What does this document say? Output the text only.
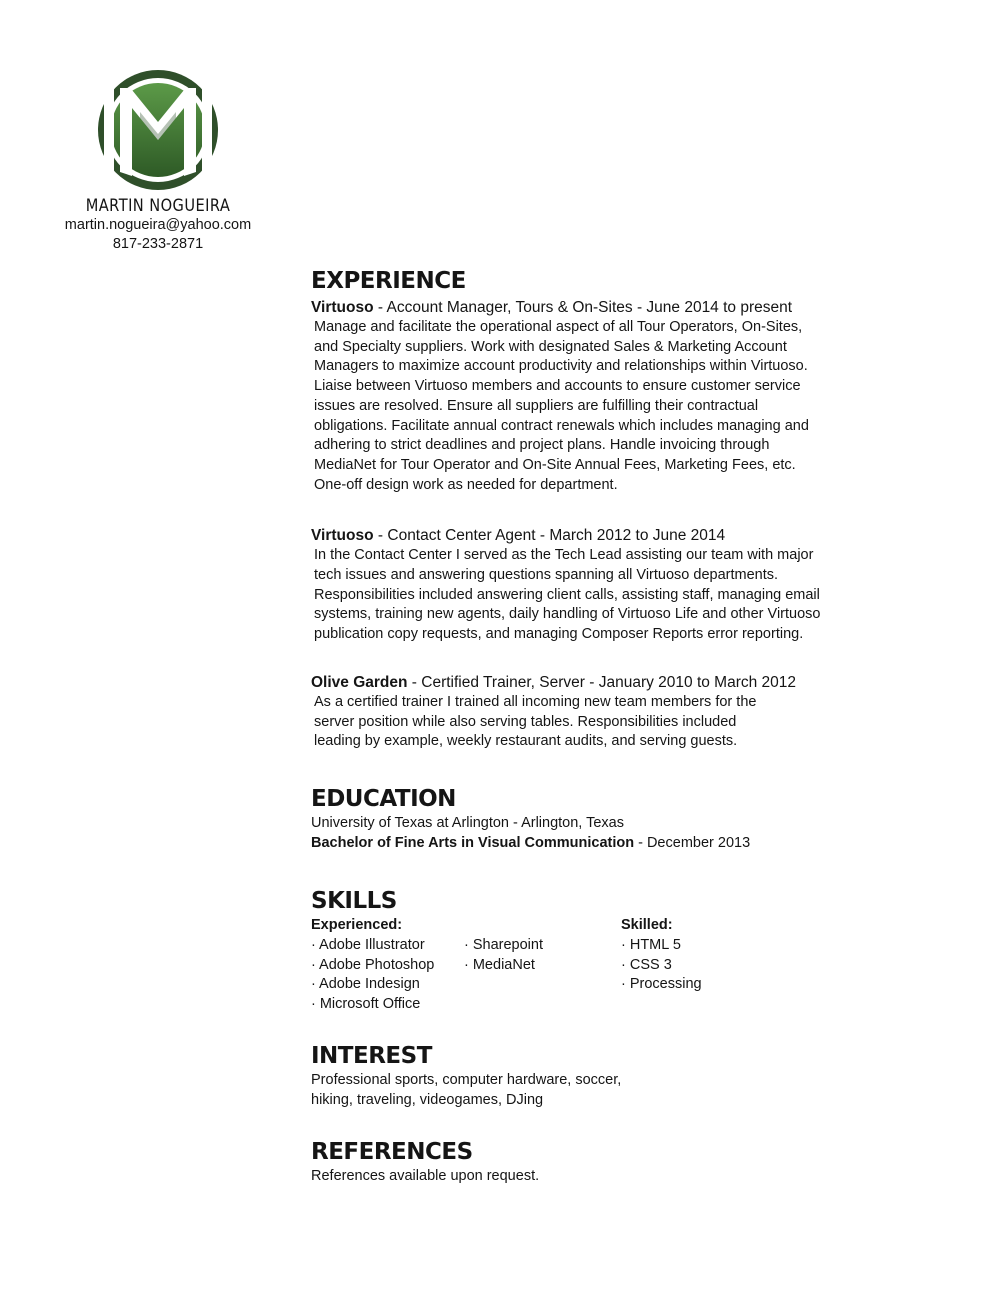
MARTIN NOGUEIRA
martin.nogueira@yahoo.com
817-233-2871
EXPERIENCE
Virtuoso - Account Manager, Tours & On-Sites - June 2014 to present
Manage and facilitate the operational aspect of all Tour Operators, On-Sites,
and Specialty suppliers. Work with designated Sales & Marketing Account
Managers to maximize account productivity and relationships within Virtuoso.
Liaise between Virtuoso members and accounts to ensure customer service
issues are resolved. Ensure all suppliers are fulfilling their contractual
obligations. Facilitate annual contract renewals which includes managing and
adhering to strict deadlines and project plans. Handle invoicing through
MediaNet for Tour Operator and On-Site Annual Fees, Marketing Fees, etc.
One-off design work as needed for department.
Virtuoso - Contact Center Agent - March 2012 to June 2014
In the Contact Center I served as the Tech Lead assisting our team with major
tech issues and answering questions spanning all Virtuoso departments.
Responsibilities included answering client calls, assisting staff, managing email
systems, training new agents, daily handling of Virtuoso Life and other Virtuoso
publication copy requests, and managing Composer Reports error reporting.
Olive Garden - Certified Trainer, Server - January 2010 to March 2012
As a certified trainer I trained all incoming new team members for the
server position while also serving tables. Responsibilities included
leading by example, weekly restaurant audits, and serving guests.
EDUCATION
University of Texas at Arlington - Arlington, Texas
Bachelor of Fine Arts in Visual Communication - December 2013
SKILLS
Experienced:
· Adobe Illustrator
· Adobe Photoshop
· Adobe Indesign
· Microsoft Office
· Sharepoint
· MediaNet
Skilled:
· HTML 5
· CSS 3
· Processing
INTEREST
Professional sports, computer hardware, soccer,
hiking, traveling, videogames, DJing
REFERENCES
References available upon request.
